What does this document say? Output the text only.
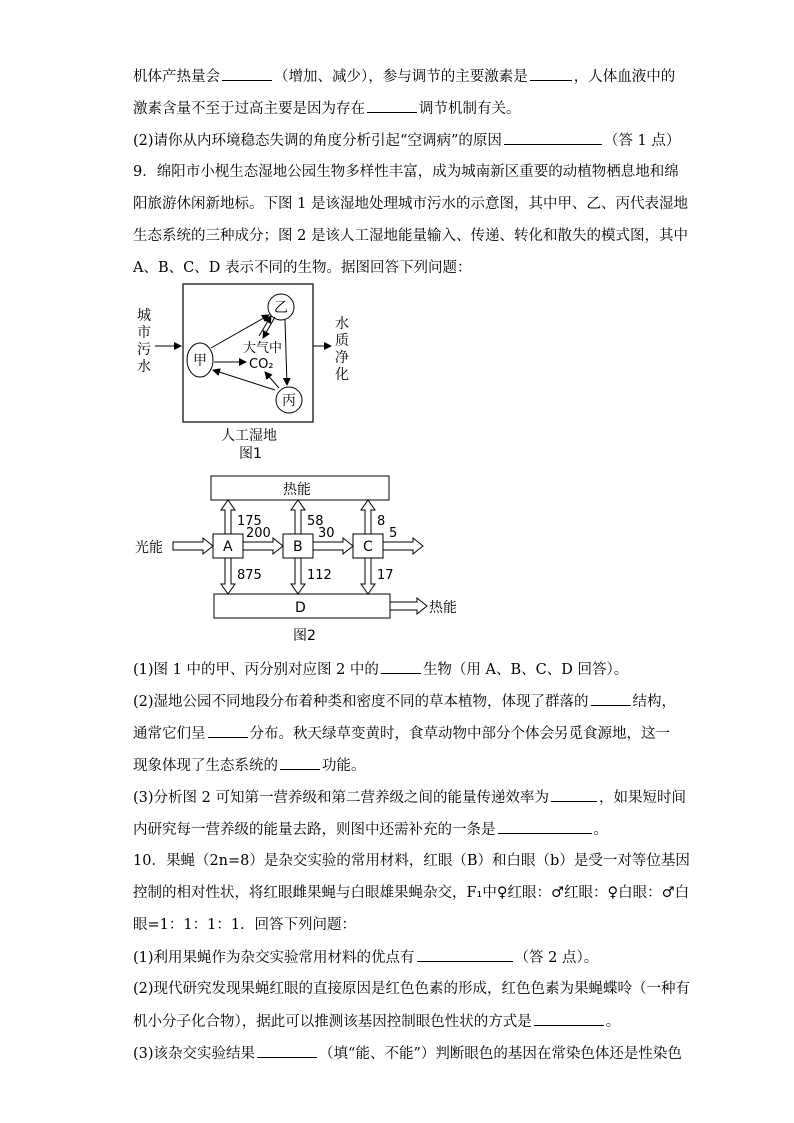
机体产热量会	（增加、减少），参与调节的主要激素是	，人体血液中的
激素含量不至于过高主要是因为存在	调节机制有关。
(2)请你从内环境稳态失调的角度分析引起“空调病”的原因	（答 1 点）
9．绵阳市小枧生态湿地公园生物多样性丰富，成为城南新区重要的动植物栖息地和绵
阳旅游休闲新地标。下图 1 是该湿地处理城市污水的示意图，其中甲、乙、丙代表湿地
生态系统的三种成分；图 2 是该人工湿地能量输入、传递、转化和散失的模式图，其中
A、B、C、D 表示不同的生物。据图回答下列问题：
城
市
污
水	甲
乙
丙
大气中
CO₂
水
质
净
化
人工湿地
图1
热能
D
光能	A	B	C
200	30	5
175	58	8
875	112	17
热能
图2
(1)图 1 中的甲、丙分别对应图 2 中的	生物（用 A、B、C、D 回答）。
(2)湿地公园不同地段分布着种类和密度不同的草本植物，体现了群落的	结构，
通常它们呈	分布。秋天绿草变黄时，食草动物中部分个体会另觅食源地，这一
现象体现了生态系统的	功能。
(3)分析图 2 可知第一营养级和第二营养级之间的能量传递效率为	，如果短时间
内研究每一营养级的能量去路，则图中还需补充的一条是	。
10．果蝇（2n=8）是杂交实验的常用材料，红眼（B）和白眼（b）是受一对等位基因
控制的相对性状，将红眼雌果蝇与白眼雄果蝇杂交，F₁中♀红眼：♂红眼：♀白眼：♂白
眼=1：1：1：1．回答下列问题：
(1)利用果蝇作为杂交实验常用材料的优点有	（答 2 点）。
(2)现代研究发现果蝇红眼的直接原因是红色色素的形成，红色色素为果蝇蝶呤（一种有
机小分子化合物），据此可以推测该基因控制眼色性状的方式是	。
(3)该杂交实验结果	（填“能、不能”）判断眼色的基因在常染色体还是性染色
